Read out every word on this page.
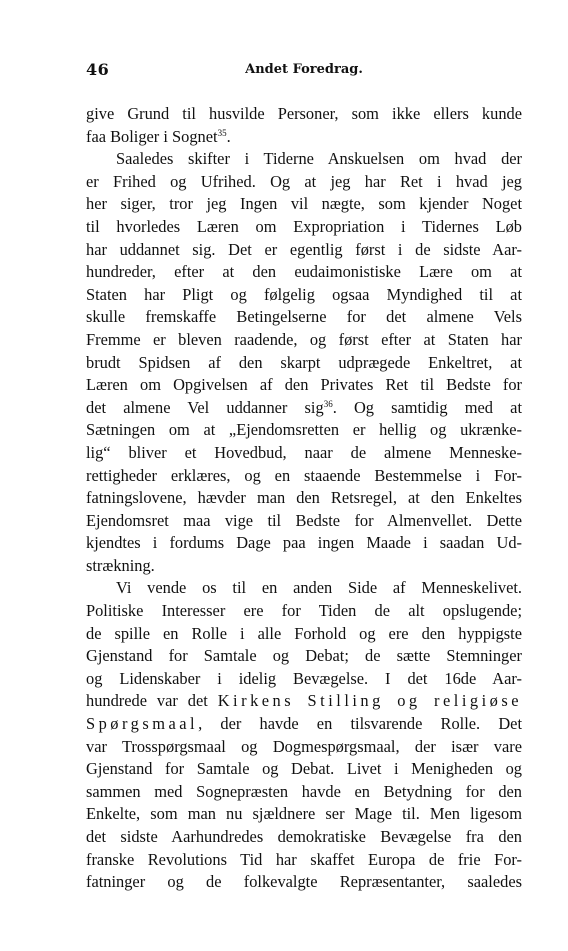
46	Andet Foredrag.
give Grund til husvilde Personer, som ikke ellers kunde
faa Boliger i Sognet$^{35}$.
Saaledes skifter i Tiderne Anskuelsen om hvad der
er Frihed og Ufrihed. Og at jeg har Ret i hvad jeg
her siger, tror jeg Ingen vil nægte, som kjender Noget
til hvorledes Læren om Expropriation i Tidernes Løb
har uddannet sig. Det er egentlig først i de sidste Aar-
hundreder, efter at den eudaimonistiske Lære om at
Staten har Pligt og følgelig ogsaa Myndighed til at
skulle fremskaffe Betingelserne for det almene Vels
Fremme er bleven raadende, og først efter at Staten har
brudt Spidsen af den skarpt udprægede Enkeltret, at
Læren om Opgivelsen af den Privates Ret til Bedste for
det almene Vel uddanner sig$^{36}$. Og samtidig med at
Sætningen om at „Ejendomsretten er hellig og ukrænke-
lig“ bliver et Hovedbud, naar de almene Menneske-
rettigheder erklæres, og en staaende Bestemmelse i For-
fatningslovene, hævder man den Retsregel, at den Enkeltes
Ejendomsret maa vige til Bedste for Almenvellet. Dette
kjendtes i fordums Dage paa ingen Maade i saadan Ud-
strækning.
Vi vende os til en anden Side af Menneskelivet.
Politiske Interesser ere for Tiden de alt opslugende;
de spille en Rolle i alle Forhold og ere den hyppigste
Gjenstand for Samtale og Debat; de sætte Stemninger
og Lidenskaber i idelig Bevægelse. I det 16de Aar-
hundrede var det Kirkens Stilling og religiøse
Spørgsmaal, der havde en tilsvarende Rolle. Det
var Trosspørgsmaal og Dogmespørgsmaal, der især vare
Gjenstand for Samtale og Debat. Livet i Menigheden og
sammen med Sognepræsten havde en Betydning for den
Enkelte, som man nu sjældnere ser Mage til. Men ligesom
det sidste Aarhundredes demokratiske Bevægelse fra den
franske Revolutions Tid har skaffet Europa de frie For-
fatninger og de folkevalgte Repræsentanter, saaledes
